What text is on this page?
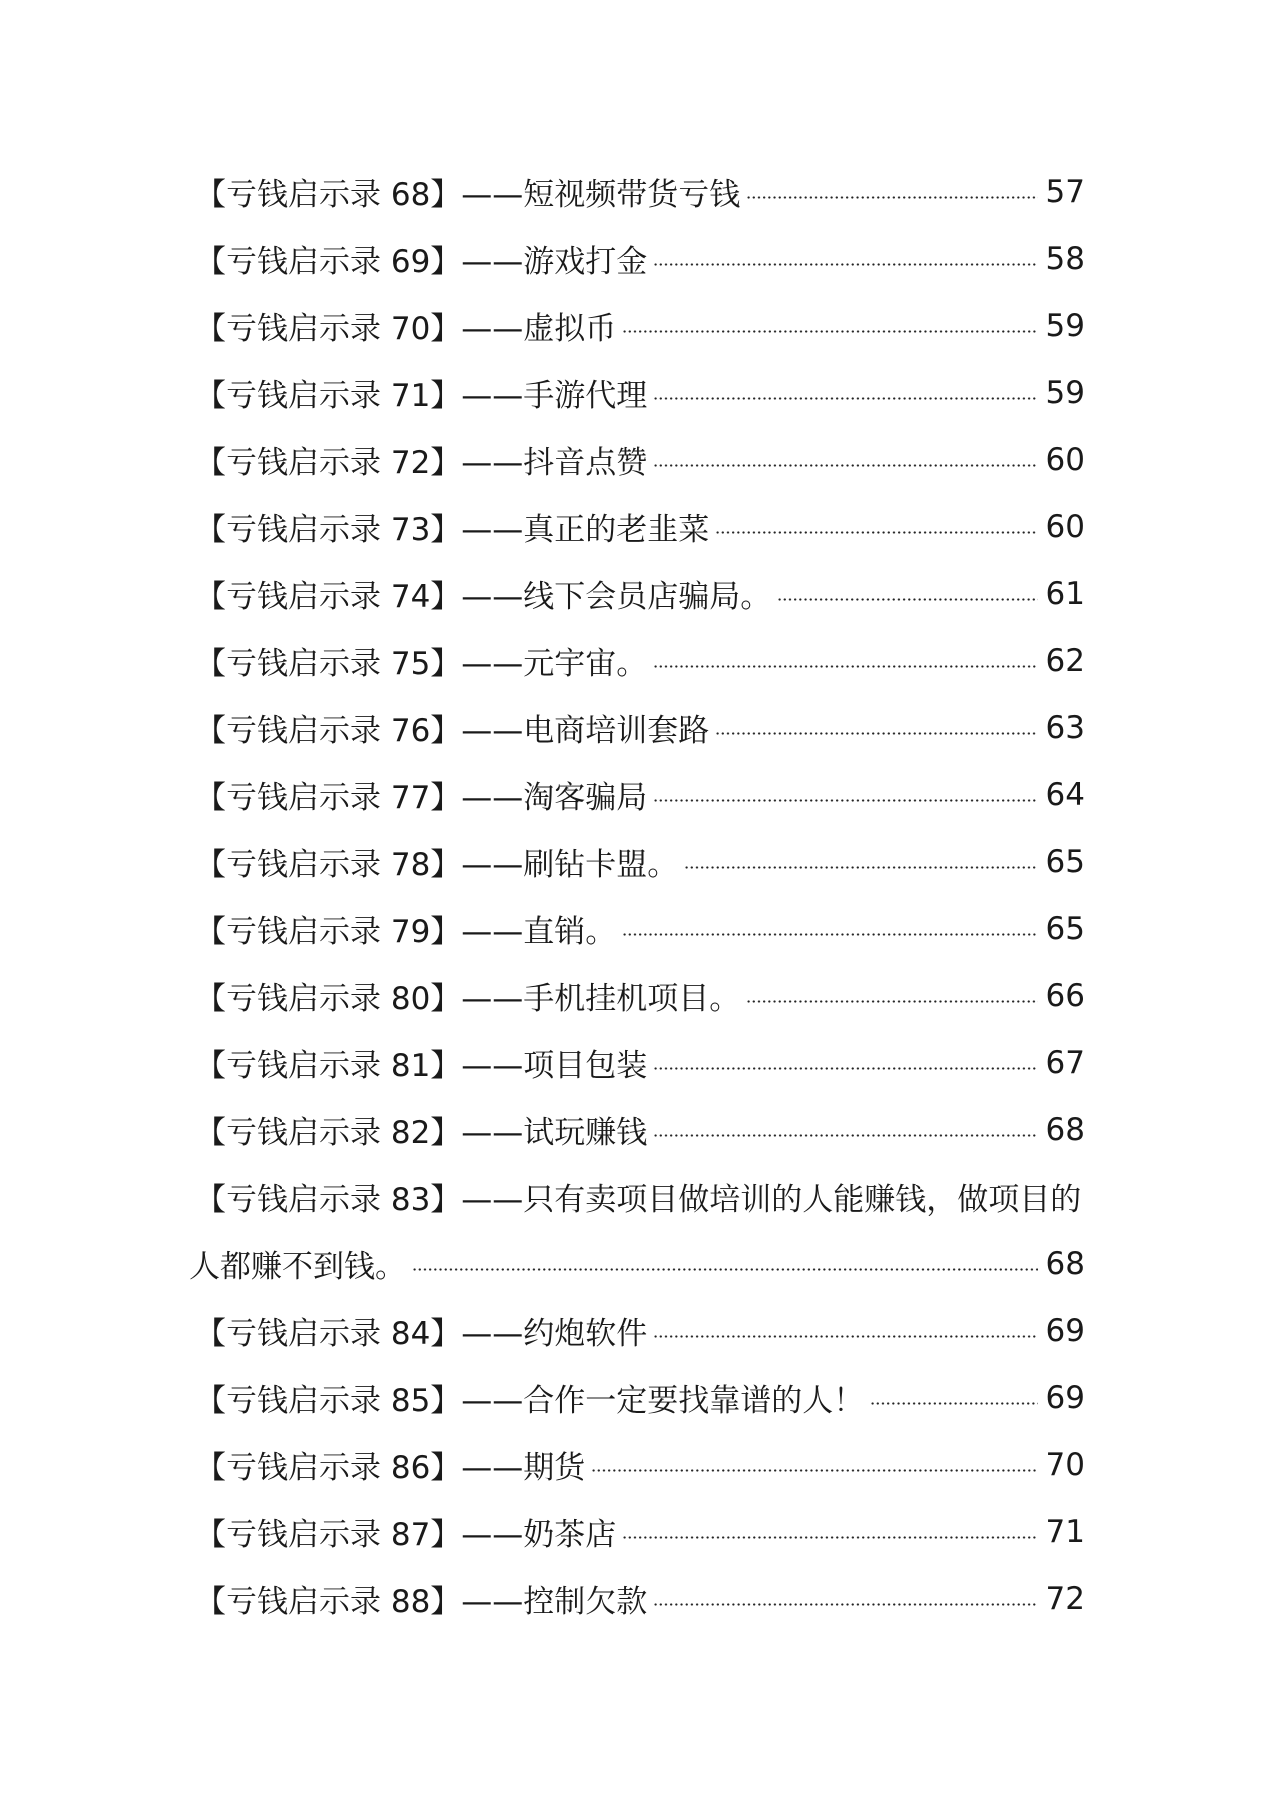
【亏钱启示录 68】——短视频带货亏钱	57
【亏钱启示录 69】——游戏打金	58
【亏钱启示录 70】——虚拟币	59
【亏钱启示录 71】——手游代理	59
【亏钱启示录 72】——抖音点赞	60
【亏钱启示录 73】——真正的老韭菜	60
【亏钱启示录 74】——线下会员店骗局。	61
【亏钱启示录 75】——元宇宙。	62
【亏钱启示录 76】——电商培训套路	63
【亏钱启示录 77】——淘客骗局	64
【亏钱启示录 78】——刷钻卡盟。	65
【亏钱启示录 79】——直销。	65
【亏钱启示录 80】——手机挂机项目。	66
【亏钱启示录 81】——项目包装	67
【亏钱启示录 82】——试玩赚钱	68
【亏钱启示录 83】——只有卖项目做培训的人能赚钱，做项目的
人都赚不到钱。	68
【亏钱启示录 84】——约炮软件	69
【亏钱启示录 85】——合作一定要找靠谱的人！	69
【亏钱启示录 86】——期货	70
【亏钱启示录 87】——奶茶店	71
【亏钱启示录 88】——控制欠款	72
